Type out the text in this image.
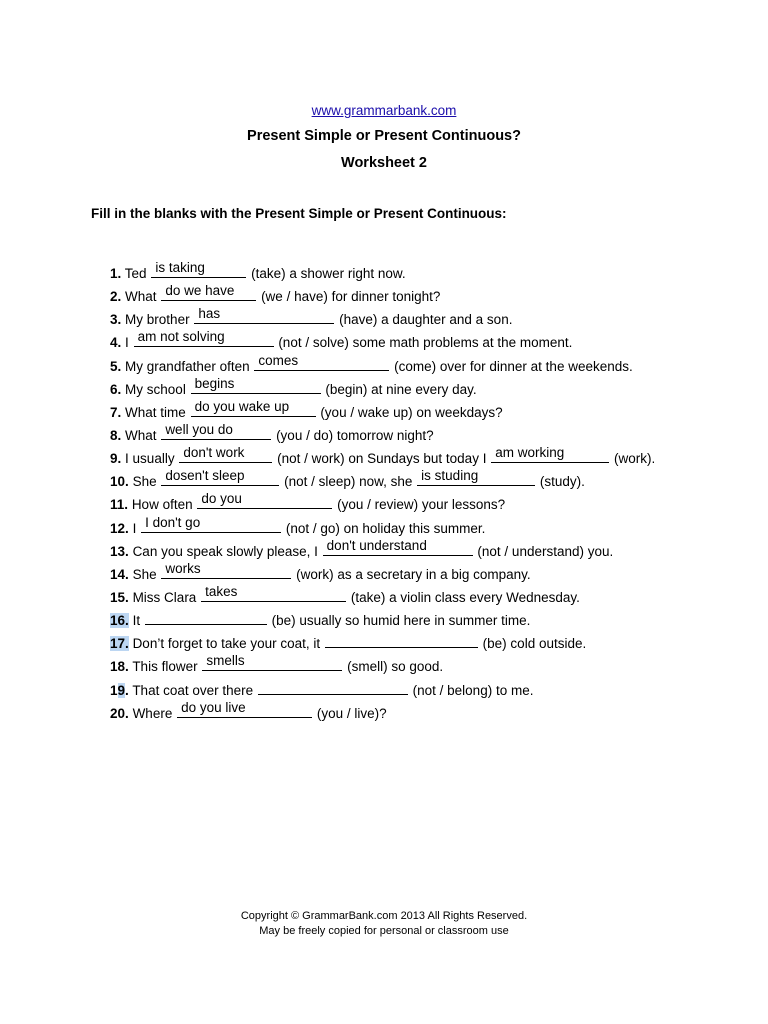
www.grammarbank.com
Present Simple or Present Continuous?
Worksheet 2
Fill in the blanks with the Present Simple or Present Continuous:
1. Ted is taking	(take) a shower right now.
2. What do we have (we / have) for dinner tonight?
3. My brother has	(have) a daughter and a son.
4. I am not solving	(not / solve) some math problems at the moment.
5. My grandfather often comes	(come) over for dinner at the weekends.
6. My school begins	(begin) at nine every day.
7. What time do you wake up (you / wake up) on weekdays?
8. What well you do	(you / do) tomorrow night?
9. I usually don't work (not / work) on Sundays but today I am working	(work).
10. She dosen't sleep	(not / sleep) now, she is studing	(study).
11. How often do you	(you / review) your lessons?
12. I I don't go	(not / go) on holiday this summer.
13. Can you speak slowly please, I don't understand	(not / understand) you.
14. She works	(work) as a secretary in a big company.
15. Miss Clara takes	(take) a violin class every Wednesday.
16. It	(be) usually so humid here in summer time.
17. Don’t forget to take your coat, it	(be) cold outside.
18. This flower smells	(smell) so good.
19. That coat over there	(not / belong) to me.
20. Where do you live	(you / live)?
Copyright © GrammarBank.com 2013 All Rights Reserved.
May be freely copied for personal or classroom use
